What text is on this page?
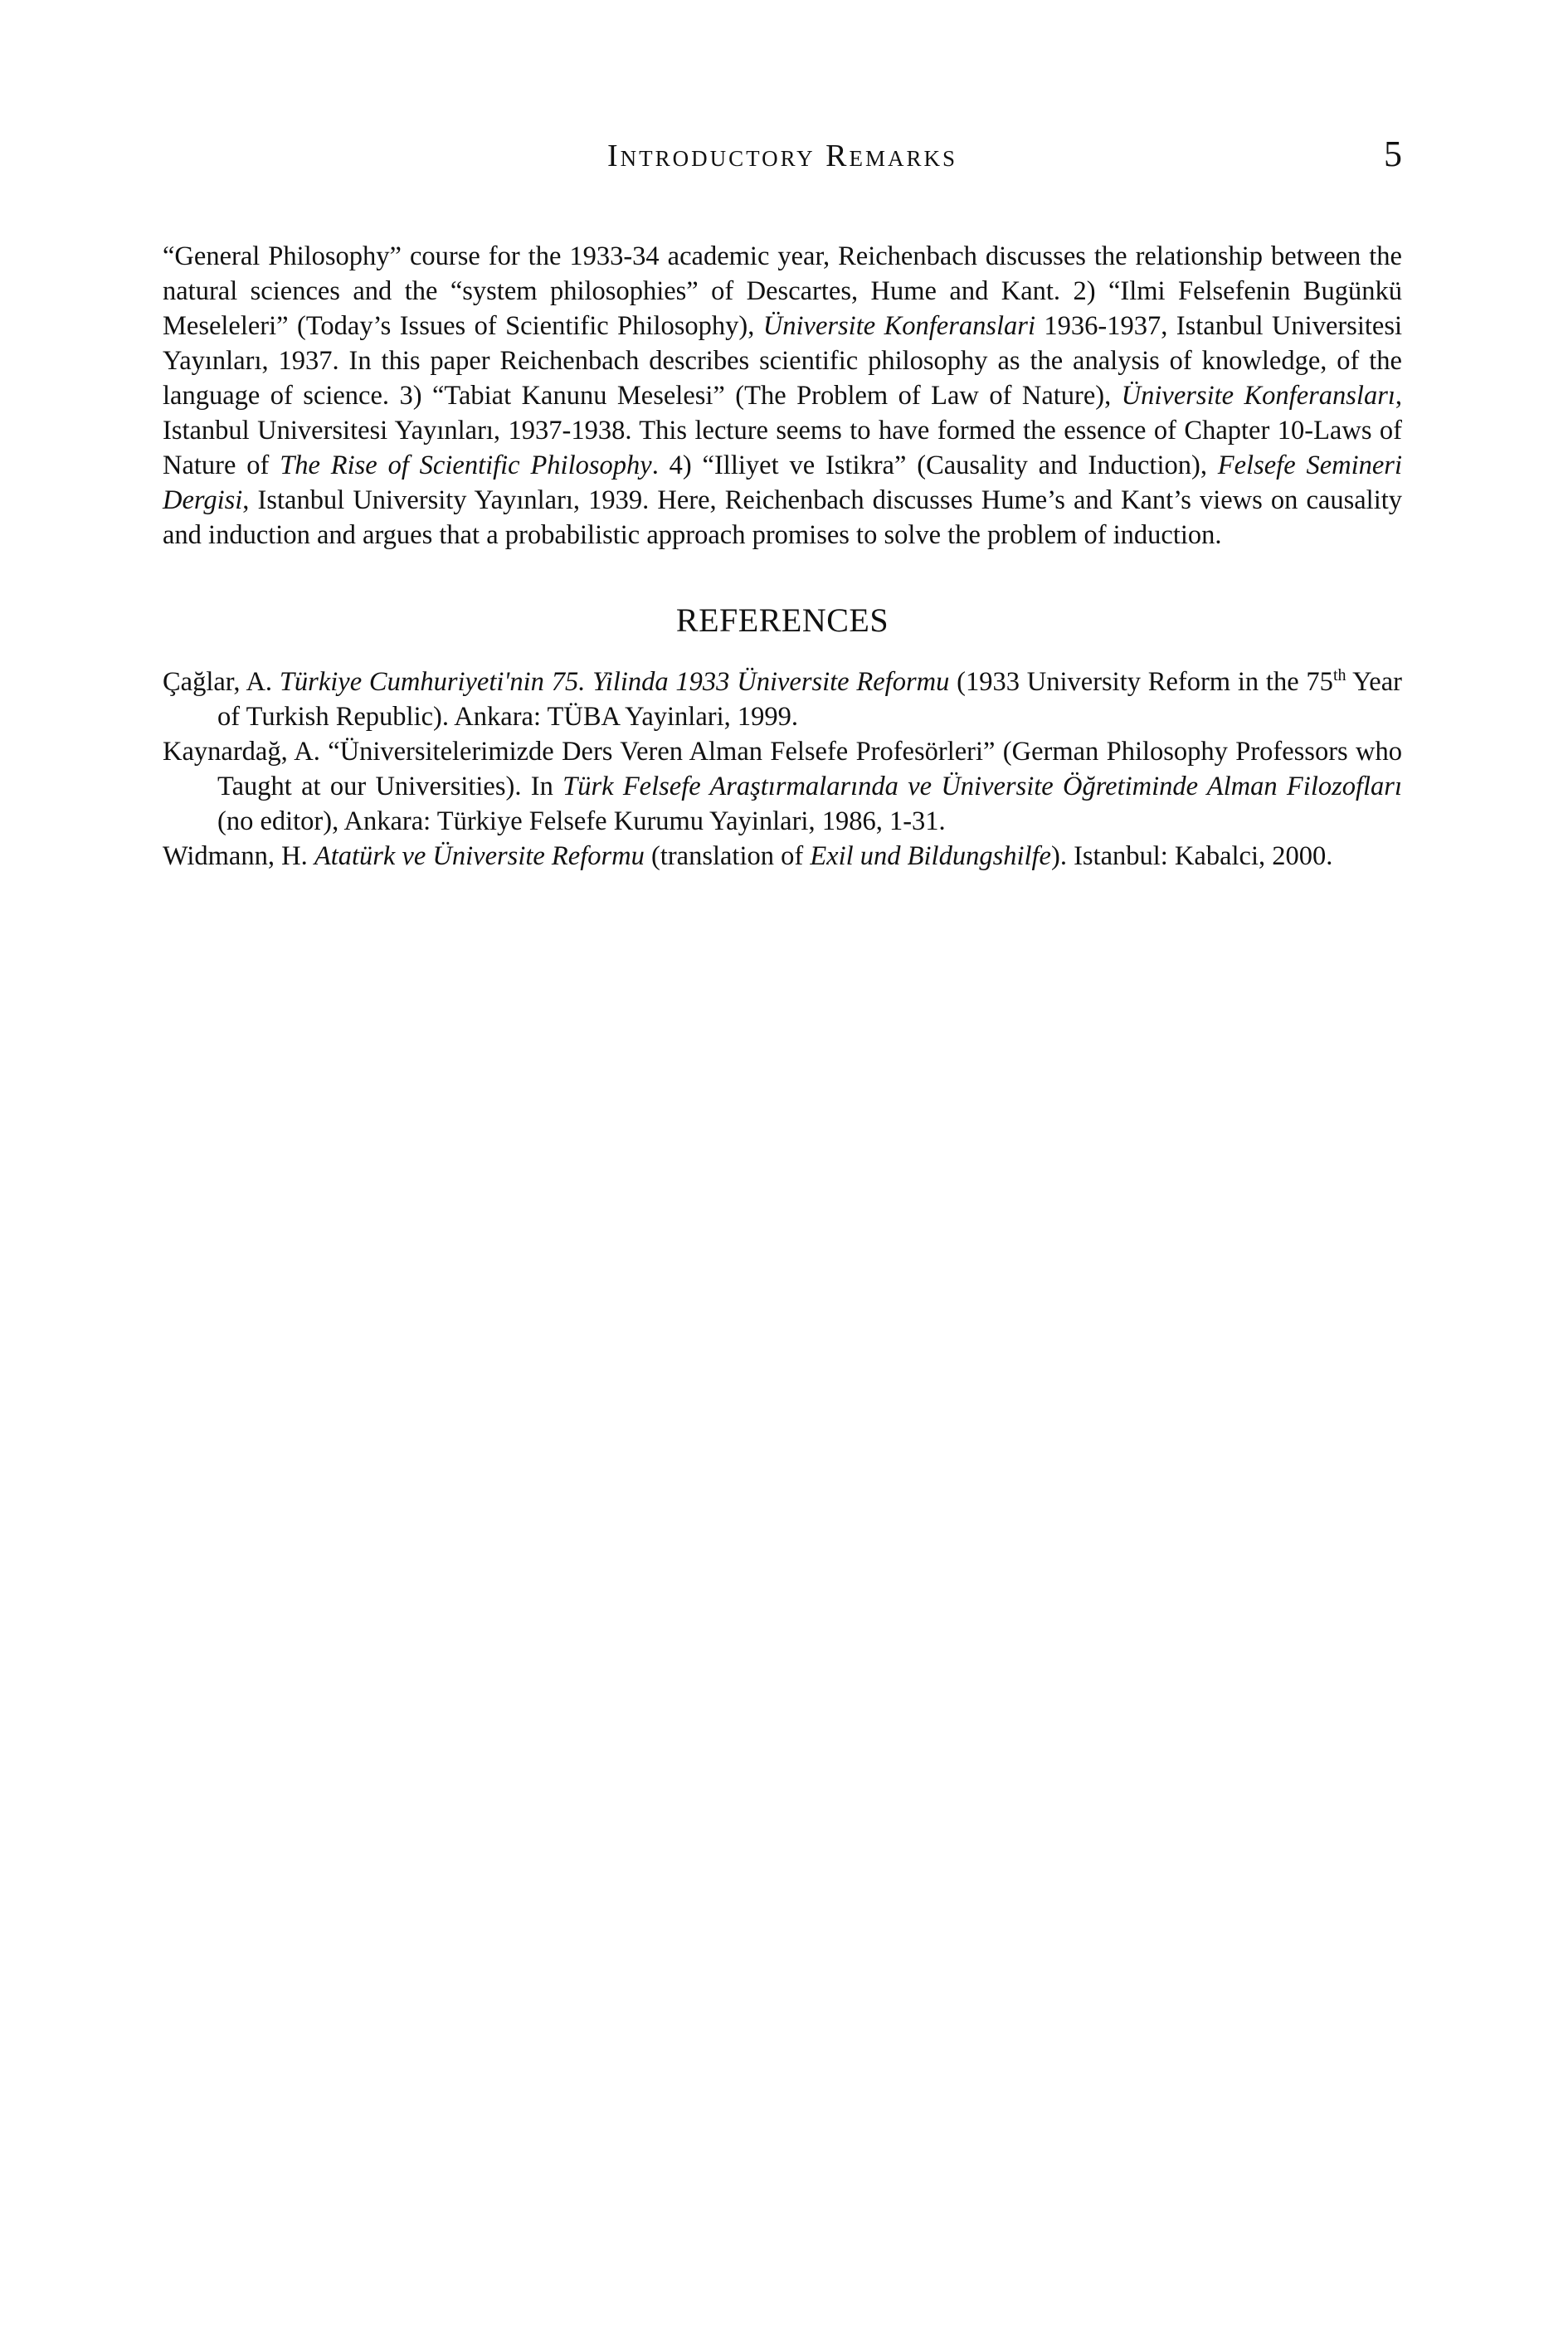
Introductory Remarks	5

“General Philosophy” course for the 1933-34 academic year, Reichenbach discusses the relationship between the natural sciences and the “system philosophies” of Descartes, Hume and Kant. 2) “Ilmi Felsefenin Bugünkü Meseleleri” (Today’s Issues of Scientific Philosophy), Üniversite Konferanslari 1936-1937, Istanbul Universitesi Yayınları, 1937. In this paper Reichenbach describes scientific philosophy as the analysis of knowledge, of the language of science. 3) “Tabiat Kanunu Meselesi” (The Problem of Law of Nature), Üniversite Konferansları, Istanbul Universitesi Yayınları, 1937-1938. This lecture seems to have formed the essence of Chapter 10-Laws of Nature of The Rise of Scientific Philosophy. 4) “Illiyet ve Istikra” (Causality and Induction), Felsefe Semineri Dergisi, Istanbul University Yayınları, 1939. Here, Reichenbach discusses Hume’s and Kant’s views on causality and induction and argues that a probabilistic approach promises to solve the problem of induction.

REFERENCES
Çağlar, A. Türkiye Cumhuriyeti'nin 75. Yilinda 1933 Üniversite Reformu (1933 University Reform in the 75th Year of Turkish Republic). Ankara: TÜBA Yayinlari, 1999.
Kaynardağ, A. “Üniversitelerimizde Ders Veren Alman Felsefe Profesörleri” (German Philosophy Professors who Taught at our Universities). In Türk Felsefe Araştırmalarında ve Üniversite Öğretiminde Alman Filozofları (no editor), Ankara: Türkiye Felsefe Kurumu Yayinlari, 1986, 1-31.
Widmann, H. Atatürk ve Üniversite Reformu (translation of Exil und Bildungshilfe). Istanbul: Kabalci, 2000.
